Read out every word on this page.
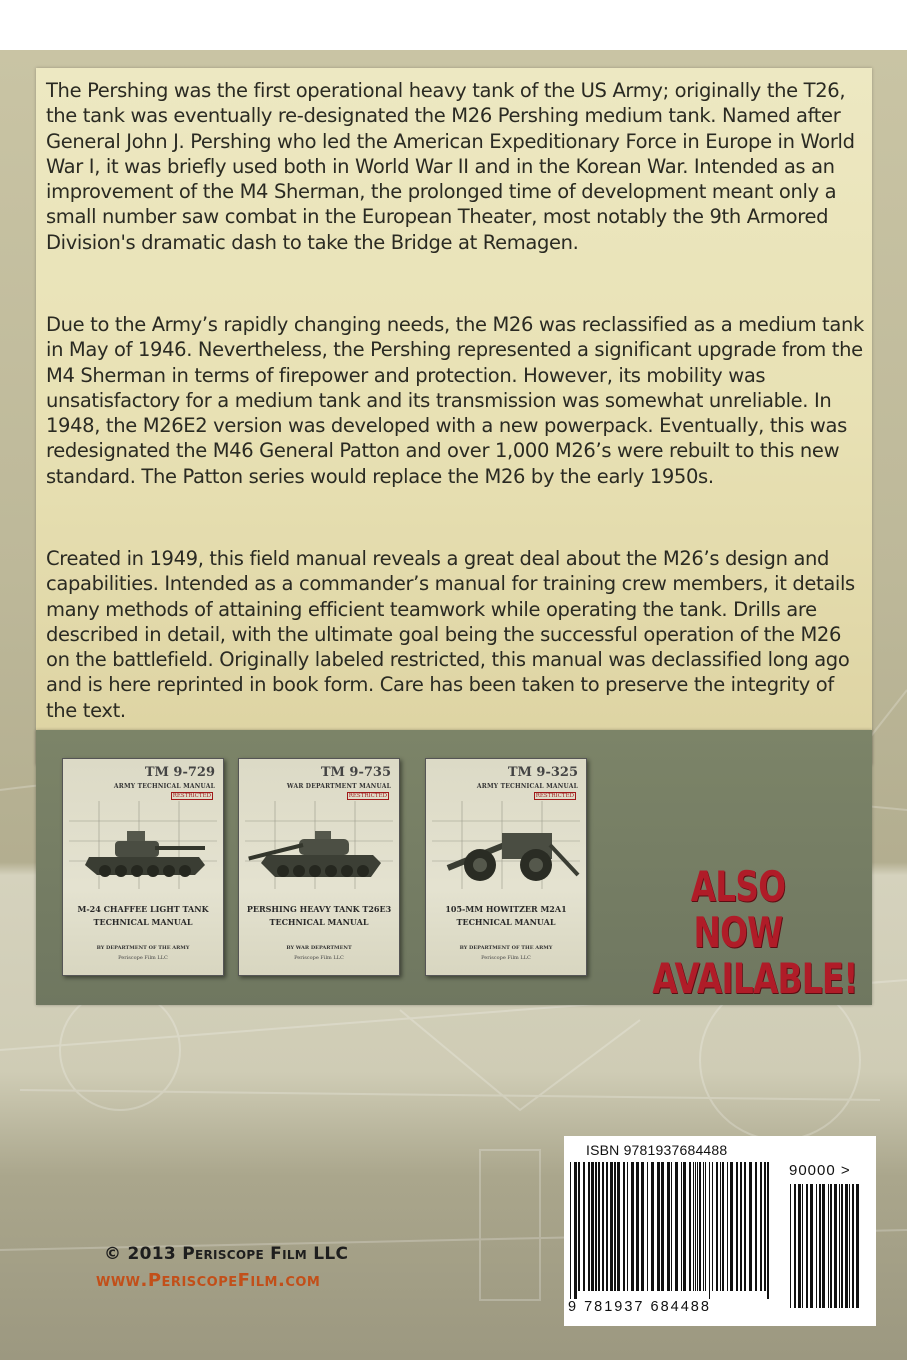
The Pershing was the first operational heavy tank of the US Army; originally the T26, the tank was eventually re-designated the M26 Pershing medium tank. Named after General John J. Pershing who led the American Expeditionary Force in Europe in World War I, it was briefly used both in World War II and in the Korean War. Intended as an improvement of the M4 Sherman, the prolonged time of development meant only a small number saw combat in the European Theater, most notably the 9th Armored Division's dramatic dash to take the Bridge at Remagen.

Due to the Army’s rapidly changing needs, the M26 was reclassified as a medium tank in May of 1946. Nevertheless, the Pershing represented a significant upgrade from the M4 Sherman in terms of firepower and protection. However, its mobility was unsatisfactory for a medium tank and its transmission was somewhat unreliable. In 1948, the M26E2 version was developed with a new powerpack. Eventually, this was redesignated the M46 General Patton and over 1,000 M26’s were rebuilt to this new standard. The Patton series would replace the M26 by the early 1950s.

Created in 1949, this field manual reveals a great deal about the M26’s design and capabilities. Intended as a commander’s manual for training crew members, it details many methods of attaining efficient teamwork while operating the tank. Drills are described in detail, with the ultimate goal being the successful operation of the M26 on the battlefield. Originally labeled restricted, this manual was declassified long ago and is here reprinted in book form. Care has been taken to preserve the integrity of the text.

TM 9-729
ARMY TECHNICAL MANUAL
RESTRICTED
M-24 CHAFFEE LIGHT TANK
TECHNICAL MANUAL
BY DEPARTMENT OF THE ARMY
Periscope Film LLC
TM 9-735
WAR DEPARTMENT MANUAL
RESTRICTED
PERSHING HEAVY TANK T26E3
TECHNICAL MANUAL
BY WAR DEPARTMENT
Periscope Film LLC
TM 9-325
ARMY TECHNICAL MANUAL
RESTRICTED
105-MM HOWITZER M2A1
TECHNICAL MANUAL
BY DEPARTMENT OF THE ARMY
Periscope Film LLC
ALSO NOW
AVAILABLE!
© 2013 Periscope Film LLC
www.PeriscopeFilm.com
ISBN 9781937684488
90000 >
9 781937 684488
